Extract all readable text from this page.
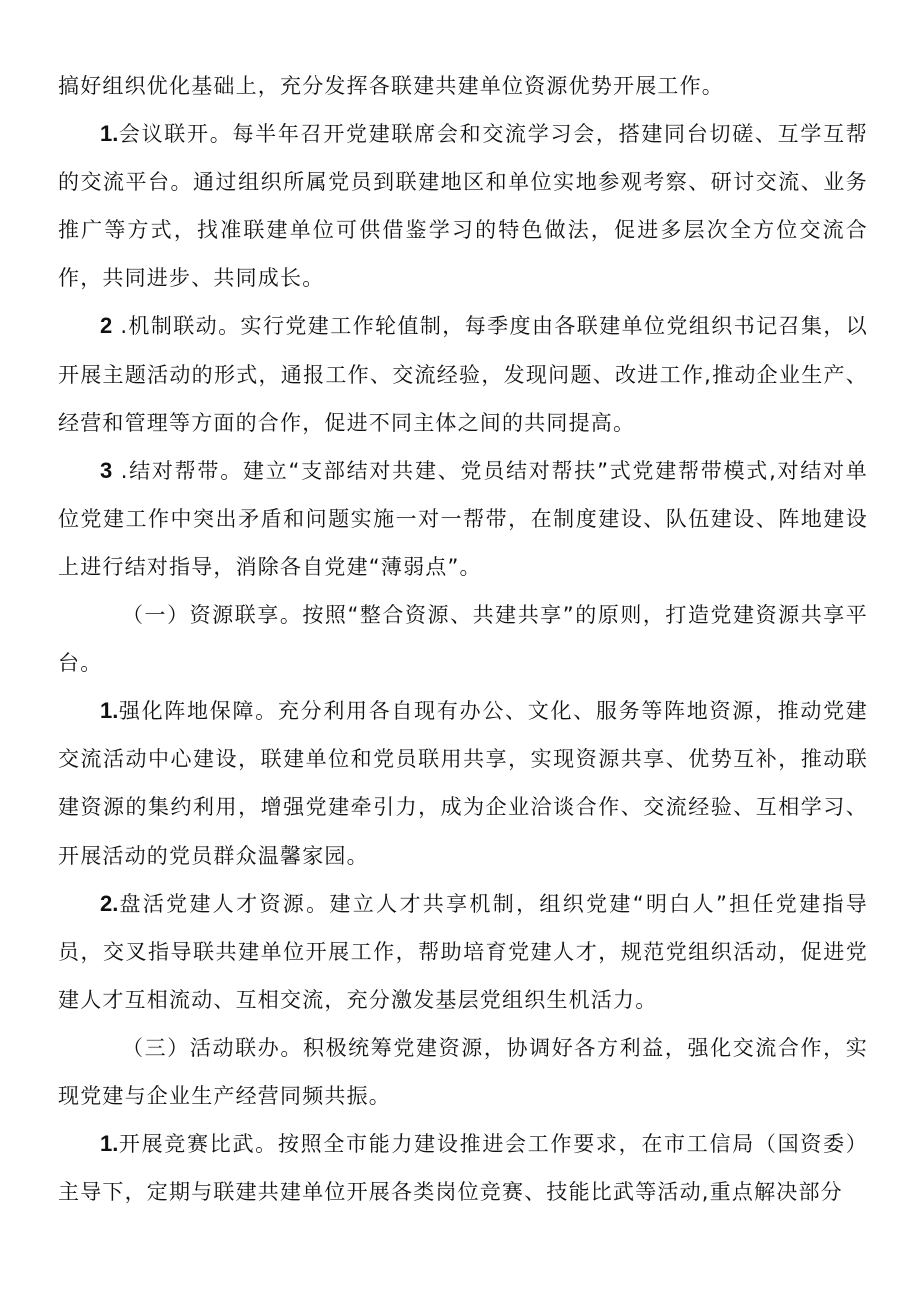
搞好组织优化基础上，充分发挥各联建共建单位资源优势开展工作。

1.会议联开。每半年召开党建联席会和交流学习会，搭建同台切磋、互学互帮的交流平台。通过组织所属党员到联建地区和单位实地参观考察、研讨交流、业务推广等方式，找准联建单位可供借鉴学习的特色做法，促进多层次全方位交流合作，共同进步、共同成长。

2 .机制联动。实行党建工作轮值制，每季度由各联建单位党组织书记召集，以开展主题活动的形式，通报工作、交流经验，发现问题、改进工作,推动企业生产、经营和管理等方面的合作，促进不同主体之间的共同提高。

3 .结对帮带。建立“支部结对共建、党员结对帮扶”式党建帮带模式,对结对单位党建工作中突出矛盾和问题实施一对一帮带，在制度建设、队伍建设、阵地建设上进行结对指导，消除各自党建“薄弱点”。

（一）资源联享。按照“整合资源、共建共享”的原则，打造党建资源共享平台。

1.强化阵地保障。充分利用各自现有办公、文化、服务等阵地资源，推动党建交流活动中心建设，联建单位和党员联用共享，实现资源共享、优势互补，推动联建资源的集约利用，增强党建牵引力，成为企业洽谈合作、交流经验、互相学习、开展活动的党员群众温馨家园。

2.盘活党建人才资源。建立人才共享机制，组织党建“明白人”担任党建指导员，交叉指导联共建单位开展工作，帮助培育党建人才，规范党组织活动，促进党建人才互相流动、互相交流，充分激发基层党组织生机活力。

（三）活动联办。积极统筹党建资源，协调好各方利益，强化交流合作，实现党建与企业生产经营同频共振。

1.开展竞赛比武。按照全市能力建设推进会工作要求，在市工信局（国资委）主导下，定期与联建共建单位开展各类岗位竞赛、技能比武等活动,重点解决部分
